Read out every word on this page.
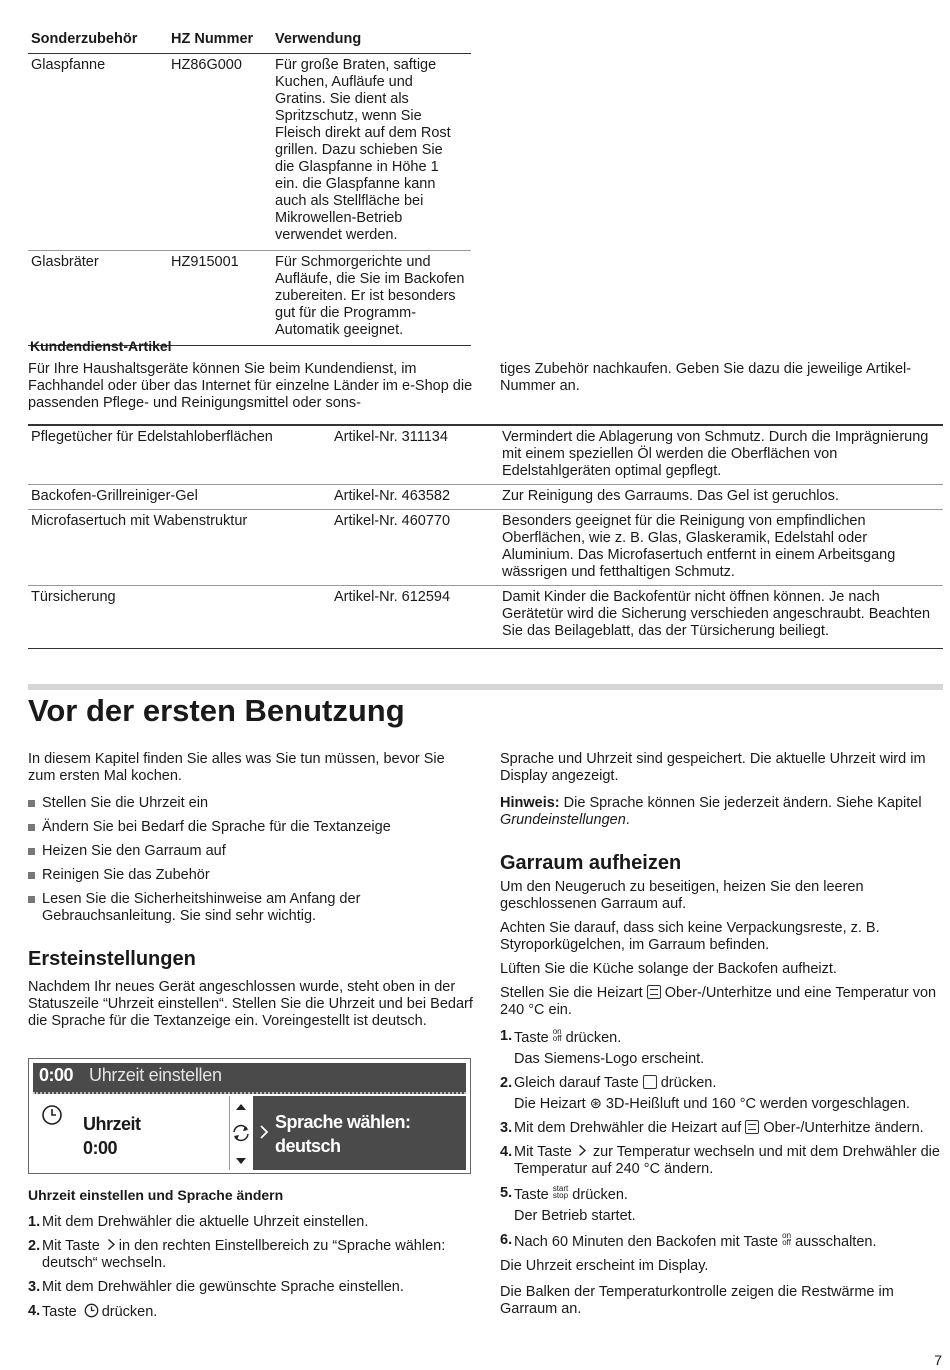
Sonderzubehör	HZ Nummer	Verwendung
Glaspfanne	HZ86G000	Für große Braten, saftige Kuchen, Aufläufe und Gratins. Sie dient als Spritzschutz, wenn Sie Fleisch direkt auf dem Rost grillen. Dazu schieben Sie die Glaspfanne in Höhe 1 ein. die Glaspfanne kann auch als Stellfläche bei Mikrowellen-Betrieb verwendet werden.
Glasbräter	HZ915001	Für Schmorgerichte und Aufläufe, die Sie im Backofen zubereiten. Er ist besonders gut für die Programm-Automatik geeignet.
Kundendienst-Artikel

Für Ihre Haushaltsgeräte können Sie beim Kundendienst, im Fachhandel oder über das Internet für einzelne Länder im e-Shop die passenden Pflege- und Reinigungsmittel oder sons-

tiges Zubehör nachkaufen. Geben Sie dazu die jeweilige Artikel-Nummer an.

Pflegetücher für Edelstahloberflächen	Artikel-Nr. 311134	Vermindert die Ablagerung von Schmutz. Durch die Imprägnierung mit einem speziellen Öl werden die Oberflächen von Edelstahlgeräten optimal gepflegt.
Backofen-Grillreiniger-Gel	Artikel-Nr. 463582	Zur Reinigung des Garraums. Das Gel ist geruchlos.
Microfasertuch mit Wabenstruktur	Artikel-Nr. 460770	Besonders geeignet für die Reinigung von empfindlichen Oberflächen, wie z. B. Glas, Glaskeramik, Edelstahl oder Aluminium. Das Microfasertuch entfernt in einem Arbeitsgang wässrigen und fetthaltigen Schmutz.
Türsicherung	Artikel-Nr. 612594	Damit Kinder die Backofentür nicht öffnen können. Je nach Gerätetür wird die Sicherung verschieden angeschraubt. Beachten Sie das Beilageblatt, das der Türsicherung beiliegt.
Vor der ersten Benutzung

In diesem Kapitel finden Sie alles was Sie tun müssen, bevor Sie zum ersten Mal kochen.

Stellen Sie die Uhrzeit ein
Ändern Sie bei Bedarf die Sprache für die Textanzeige
Heizen Sie den Garraum auf
Reinigen Sie das Zubehör
Lesen Sie die Sicherheitshinweise am Anfang der Gebrauchsanleitung. Sie sind sehr wichtig.
Ersteinstellungen

Nachdem Ihr neues Gerät angeschlossen wurde, steht oben in der Statuszeile “Uhrzeit einstellen“. Stellen Sie die Uhrzeit und bei Bedarf die Sprache für die Textanzeige ein. Voreingestellt ist deutsch.

0:00 Uhrzeit einstellen
Uhrzeit
0:00
Sprache wählen:
deutsch
Uhrzeit einstellen und Sprache ändern
1. Mit dem Drehwähler die aktuelle Uhrzeit einstellen.
2. Mit Taste in den rechten Einstellbereich zu “Sprache wählen: deutsch“ wechseln.
3. Mit dem Drehwähler die gewünschte Sprache einstellen.
4. Taste drücken.

Sprache und Uhrzeit sind gespeichert. Die aktuelle Uhrzeit wird im Display angezeigt.

Hinweis: Die Sprache können Sie jederzeit ändern. Siehe Kapitel Grundeinstellungen.

Garraum aufheizen

Um den Neugeruch zu beseitigen, heizen Sie den leeren geschlossenen Garraum auf.

Achten Sie darauf, dass sich keine Verpackungsreste, z. B. Styroporkügelchen, im Garraum befinden.

Lüften Sie die Küche solange der Backofen aufheizt.

Stellen Sie die Heizart Ober-/Unterhitze und eine Temperatur von 240 °C ein.

1. Taste on
off drücken.
Das Siemens-Logo erscheint.
2. Gleich darauf Taste drücken.
Die Heizart ⊛ 3D-Heißluft und 160 °C werden vorgeschlagen.
3. Mit dem Drehwähler die Heizart auf Ober-/Unterhitze ändern.
4. Mit Taste zur Temperatur wechseln und mit dem Drehwähler die Temperatur auf 240 °C ändern.
5. Taste start
stop drücken.
Der Betrieb startet.
6. Nach 60 Minuten den Backofen mit Taste on
off ausschalten.

Die Uhrzeit erscheint im Display.

Die Balken der Temperaturkontrolle zeigen die Restwärme im Garraum an.

7
